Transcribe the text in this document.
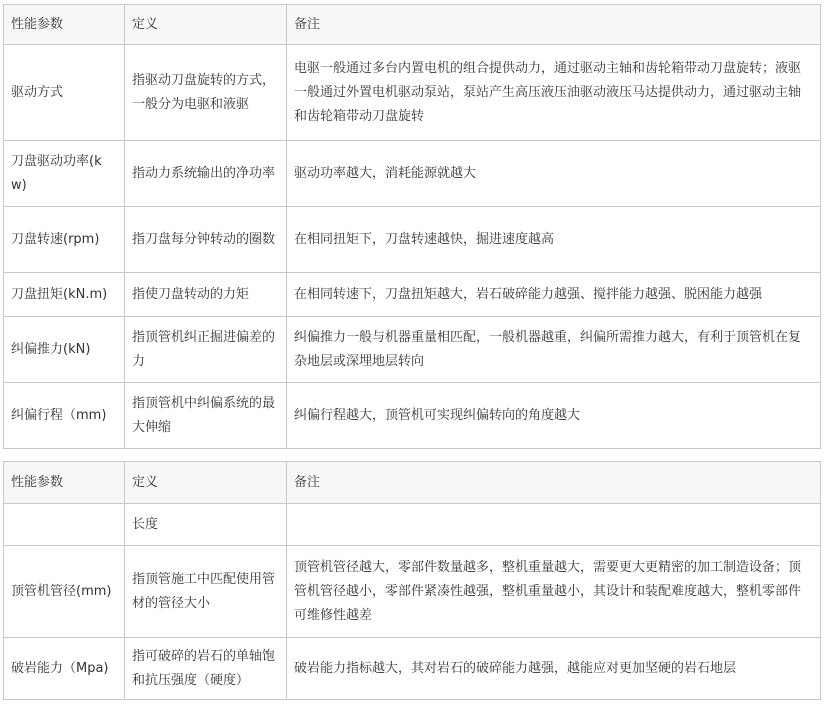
性能参数	定义	备注
驱动方式	指驱动刀盘旋转的方式，一般分为电驱和液驱	电驱一般通过多台内置电机的组合提供动力，通过驱动主轴和齿轮箱带动刀盘旋转；液驱一般通过外置电机驱动泵站，泵站产生高压液压油驱动液压马达提供动力，通过驱动主轴和齿轮箱带动刀盘旋转
刀盘驱动功率(kw)	指动力系统输出的净功率	驱动功率越大，消耗能源就越大
刀盘转速(rpm)	指刀盘每分钟转动的圈数	在相同扭矩下，刀盘转速越快，掘进速度越高
刀盘扭矩(kN.m)	指使刀盘转动的力矩	在相同转速下，刀盘扭矩越大，岩石破碎能力越强、搅拌能力越强、脱困能力越强
纠偏推力(kN)	指顶管机纠正掘进偏差的力	纠偏推力一般与机器重量相匹配，一般机器越重，纠偏所需推力越大，有利于顶管机在复杂地层或深埋地层转向
纠偏行程（mm)	指顶管机中纠偏系统的最大伸缩	纠偏行程越大，顶管机可实现纠偏转向的角度越大
性能参数	定义	备注
	长度	
顶管机管径(mm)	指顶管施工中匹配使用管材的管径大小	顶管机管径越大，零部件数量越多，整机重量越大，需要更大更精密的加工制造设备；顶管机管径越小，零部件紧凑性越强，整机重量越小，其设计和装配难度越大，整机零部件可维修性越差
破岩能力（Mpa)	指可破碎的岩石的单轴饱和抗压强度（硬度）	破岩能力指标越大，其对岩石的破碎能力越强，越能应对更加坚硬的岩石地层
